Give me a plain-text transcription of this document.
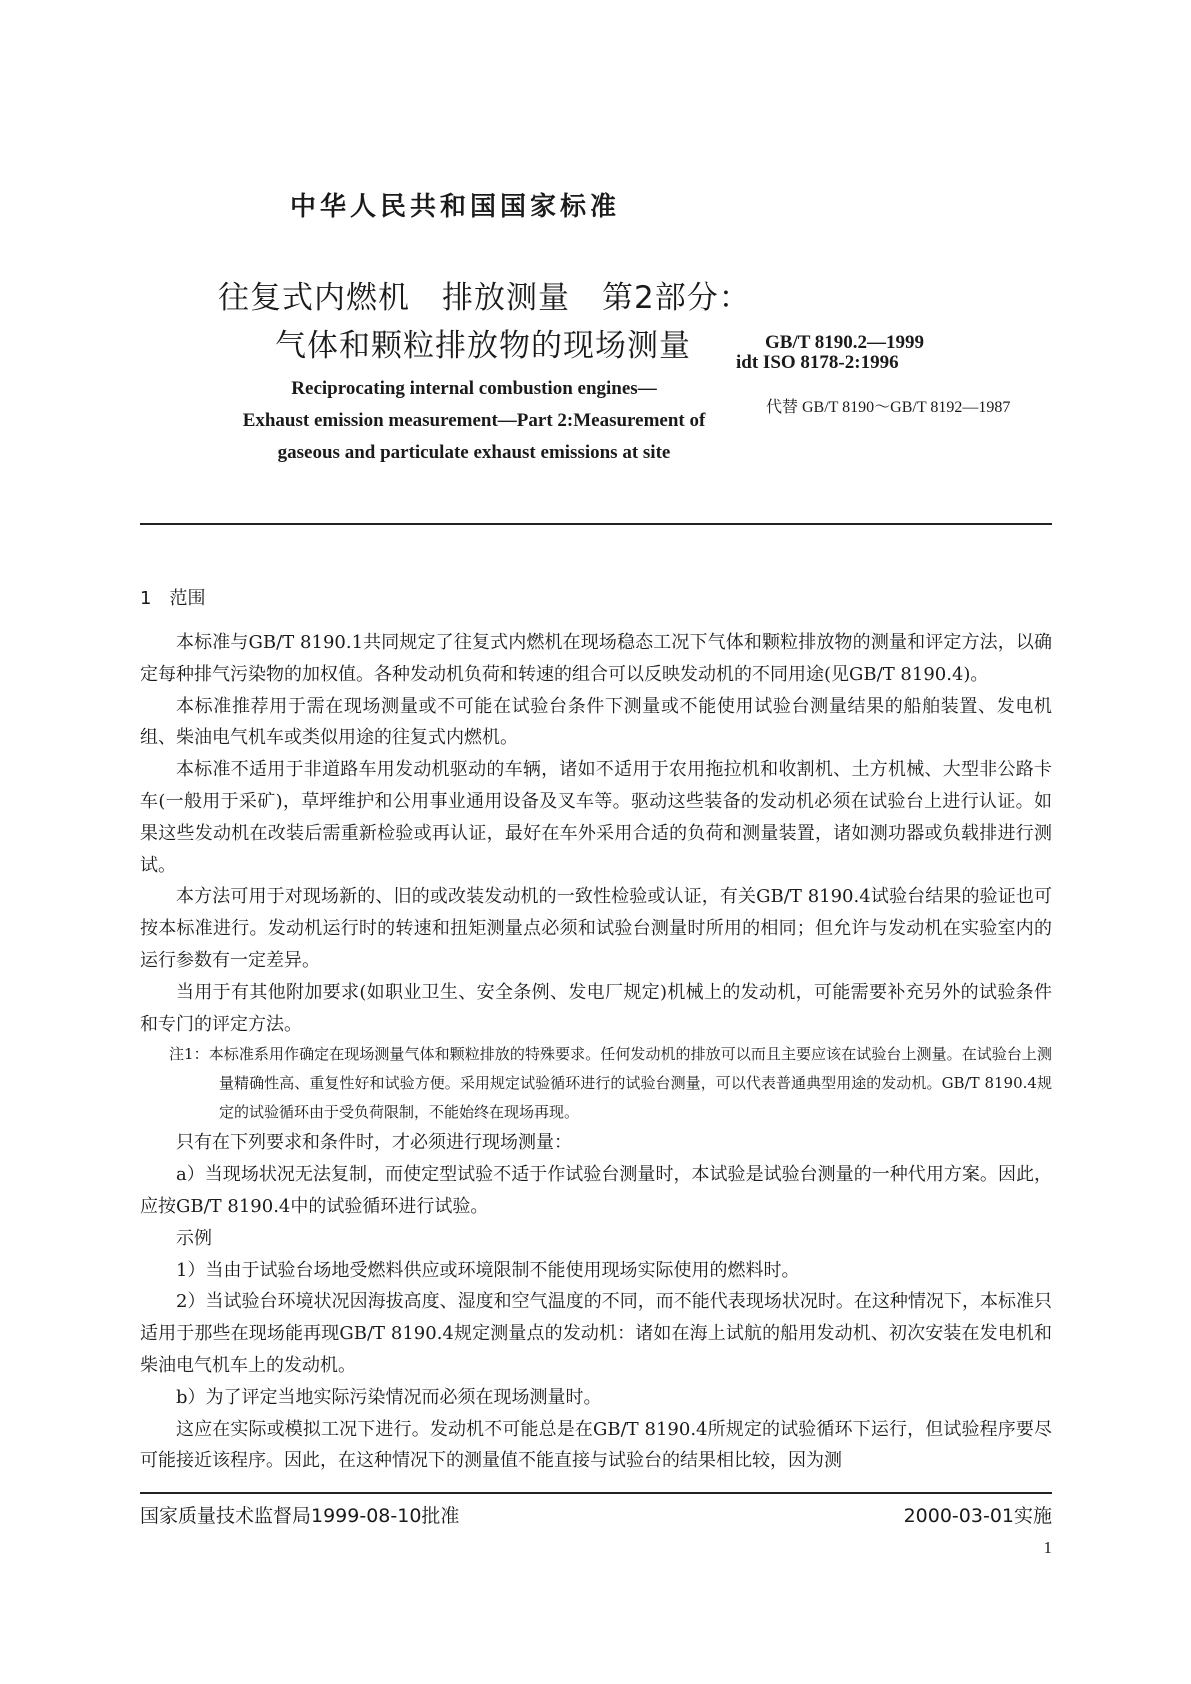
中华人民共和国国家标准
往复式内燃机　排放测量　第2部分：
气体和颗粒排放物的现场测量
Reciprocating internal combustion engines—
Exhaust emission measurement—Part 2:Measurement of
gaseous and particulate exhaust emissions at site
GB/T 8190.2—1999
idt ISO 8178-2:1996
代替 GB/T 8190～GB/T 8192—1987
1 范围

本标准与GB/T 8190.1共同规定了往复式内燃机在现场稳态工况下气体和颗粒排放物的测量和评定方法，以确定每种排气污染物的加权值。各种发动机负荷和转速的组合可以反映发动机的不同用途(见GB/T 8190.4)。

本标准推荐用于需在现场测量或不可能在试验台条件下测量或不能使用试验台测量结果的船舶装置、发电机组、柴油电气机车或类似用途的往复式内燃机。

本标准不适用于非道路车用发动机驱动的车辆，诸如不适用于农用拖拉机和收割机、土方机械、大型非公路卡车(一般用于采矿)，草坪维护和公用事业通用设备及叉车等。驱动这些装备的发动机必须在试验台上进行认证。如果这些发动机在改装后需重新检验或再认证，最好在车外采用合适的负荷和测量装置，诸如测功器或负载排进行测试。

本方法可用于对现场新的、旧的或改装发动机的一致性检验或认证，有关GB/T 8190.4试验台结果的验证也可按本标准进行。发动机运行时的转速和扭矩测量点必须和试验台测量时所用的相同；但允许与发动机在实验室内的运行参数有一定差异。

当用于有其他附加要求(如职业卫生、安全条例、发电厂规定)机械上的发动机，可能需要补充另外的试验条件和专门的评定方法。

注1：本标准系用作确定在现场测量气体和颗粒排放的特殊要求。任何发动机的排放可以而且主要应该在试验台上测量。在试验台上测量精确性高、重复性好和试验方便。采用规定试验循环进行的试验台测量，可以代表普通典型用途的发动机。GB/T 8190.4规定的试验循环由于受负荷限制，不能始终在现场再现。

只有在下列要求和条件时，才必须进行现场测量：

a）当现场状况无法复制，而使定型试验不适于作试验台测量时，本试验是试验台测量的一种代用方案。因此，应按GB/T 8190.4中的试验循环进行试验。

示例

1）当由于试验台场地受燃料供应或环境限制不能使用现场实际使用的燃料时。

2）当试验台环境状况因海拔高度、湿度和空气温度的不同，而不能代表现场状况时。在这种情况下，本标准只适用于那些在现场能再现GB/T 8190.4规定测量点的发动机：诸如在海上试航的船用发动机、初次安装在发电机和柴油电气机车上的发动机。

b）为了评定当地实际污染情况而必须在现场测量时。

这应在实际或模拟工况下进行。发动机不可能总是在GB/T 8190.4所规定的试验循环下运行，但试验程序要尽可能接近该程序。因此，在这种情况下的测量值不能直接与试验台的结果相比较，因为测

国家质量技术监督局1999-08-10批准	2000-03-01实施
1
